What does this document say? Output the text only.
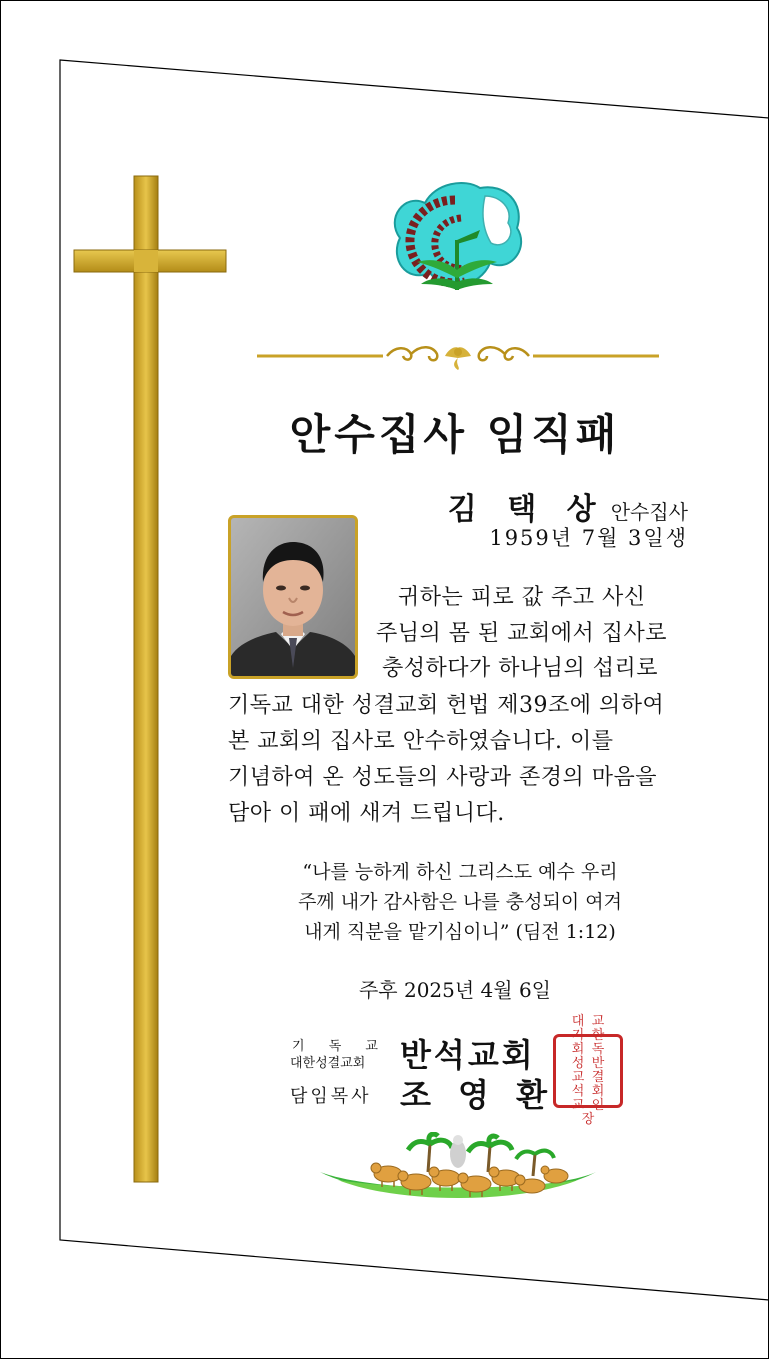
안수집사 임직패
김 택 상 안수집사
1959년 7월 3일생
귀하는 피로 값 주고 사신
주님의 몸 된 교회에서 집사로
충성하다가 하나님의 섭리로
기독교 대한 성결교회 헌법 제39조에 의하여
본 교회의 집사로 안수하였습니다. 이를
기념하여 온 성도들의 사랑과 존경의 마음을
담아 이 패에 새겨 드립니다.
“나를 능하게 하신 그리스도 예수 우리
주께 내가 감사함은 나를 충성되이 여겨
내게 직분을 맡기심이니” (딤전 1:12)
주후 2025년 4월 6일
기 독 교
대한성결교회 반석교회
담임목사 조 영 환
대 교
기 한
회 독
성 반
교 결
석 회
교 인
장
